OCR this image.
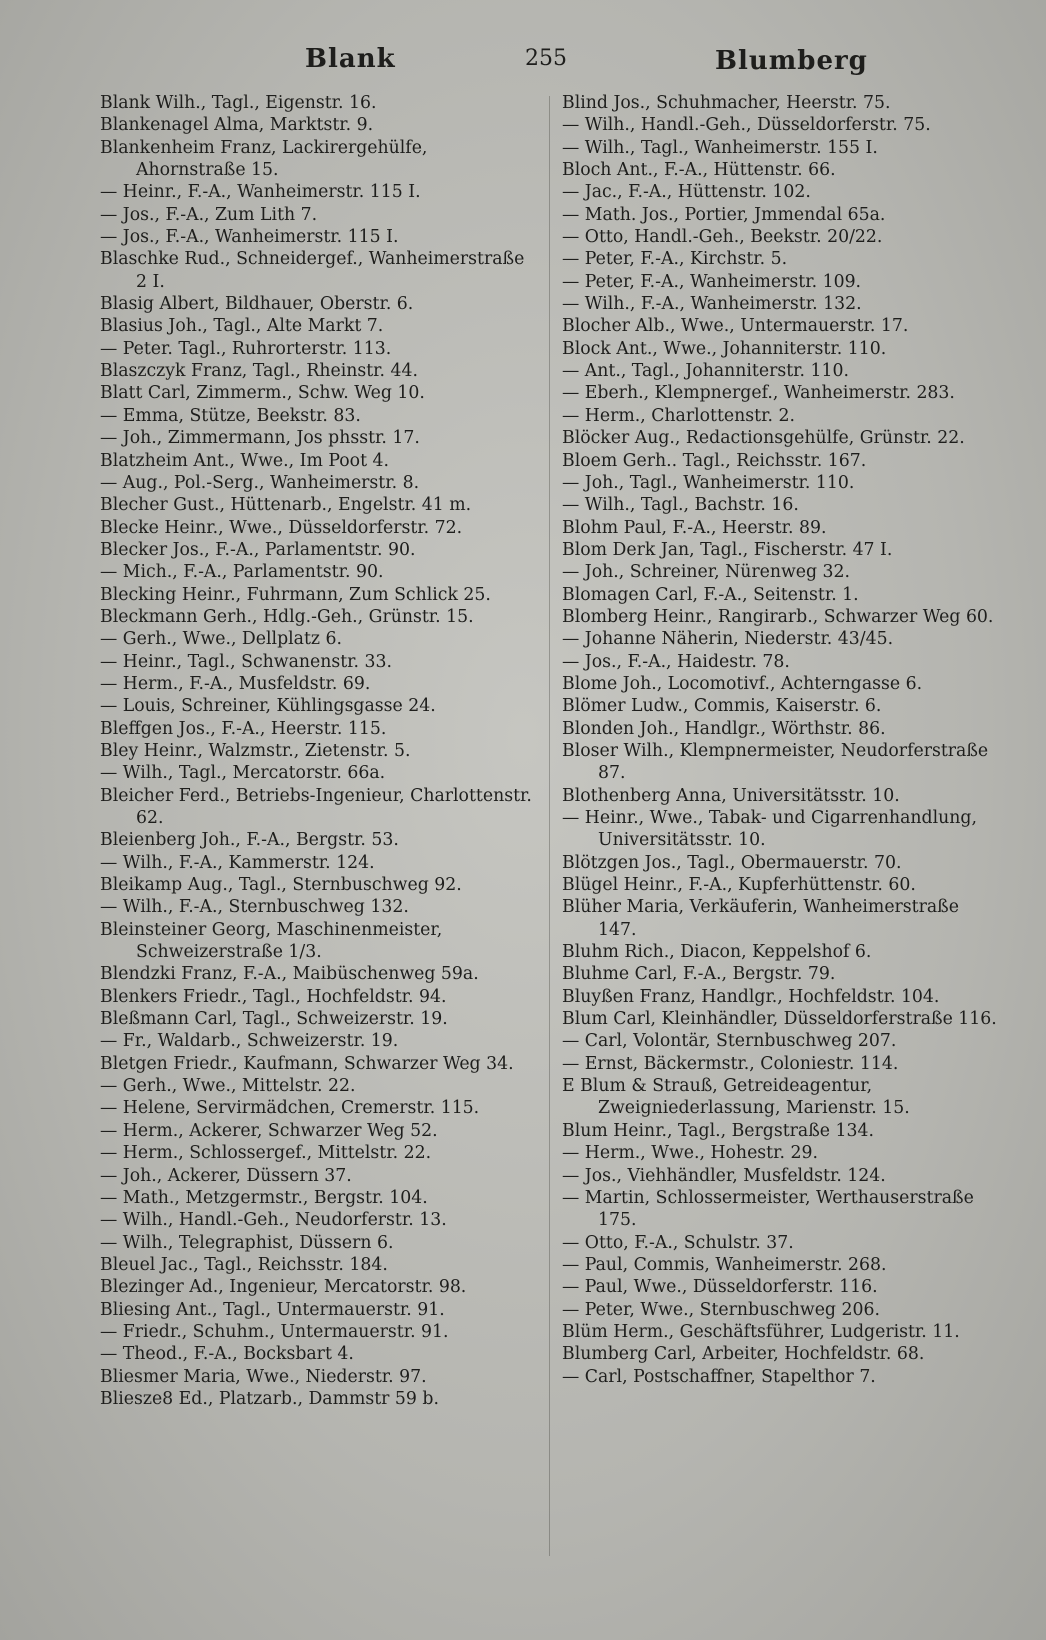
Blank	255	Blumberg

Blank Wilh., Tagl., Eigenstr. 16.

Blankenagel Alma, Marktstr. 9.

Blankenheim Franz, Lackirergehülfe, Ahornstraße 15.

— Heinr., F.-A., Wanheimerstr. 115 I.

— Jos., F.-A., Zum Lith 7.

— Jos., F.-A., Wanheimerstr. 115 I.

Blaschke Rud., Schneidergef., Wanheimerstraße 2 I.

Blasig Albert, Bildhauer, Oberstr. 6.

Blasius Joh., Tagl., Alte Markt 7.

— Peter. Tagl., Ruhrorterstr. 113.

Blaszczyk Franz, Tagl., Rheinstr. 44.

Blatt Carl, Zimmerm., Schw. Weg 10.

— Emma, Stütze, Beekstr. 83.

— Joh., Zimmermann, Jos phsstr. 17.

Blatzheim Ant., Wwe., Im Poot 4.

— Aug., Pol.-Serg., Wanheimerstr. 8.

Blecher Gust., Hüttenarb., Engelstr. 41 m.

Blecke Heinr., Wwe., Düsseldorferstr. 72.

Blecker Jos., F.-A., Parlamentstr. 90.

— Mich., F.-A., Parlamentstr. 90.

Blecking Heinr., Fuhrmann, Zum Schlick 25.

Bleckmann Gerh., Hdlg.-Geh., Grünstr. 15.

— Gerh., Wwe., Dellplatz 6.

— Heinr., Tagl., Schwanenstr. 33.

— Herm., F.-A., Musfeldstr. 69.

— Louis, Schreiner, Kühlingsgasse 24.

Bleffgen Jos., F.-A., Heerstr. 115.

Bley Heinr., Walzmstr., Zietenstr. 5.

— Wilh., Tagl., Mercatorstr. 66a.

Bleicher Ferd., Betriebs-Ingenieur, Charlottenstr. 62.

Bleienberg Joh., F.-A., Bergstr. 53.

— Wilh., F.-A., Kammerstr. 124.

Bleikamp Aug., Tagl., Sternbuschweg 92.

— Wilh., F.-A., Sternbuschweg 132.

Bleinsteiner Georg, Maschinenmeister, Schweizerstraße 1/3.

Blendzki Franz, F.-A., Maibüschenweg 59a.

Blenkers Friedr., Tagl., Hochfeldstr. 94.

Bleßmann Carl, Tagl., Schweizerstr. 19.

— Fr., Waldarb., Schweizerstr. 19.

Bletgen Friedr., Kaufmann, Schwarzer Weg 34.

— Gerh., Wwe., Mittelstr. 22.

— Helene, Servirmädchen, Cremerstr. 115.

— Herm., Ackerer, Schwarzer Weg 52.

— Herm., Schlossergef., Mittelstr. 22.

— Joh., Ackerer, Düssern 37.

— Math., Metzgermstr., Bergstr. 104.

— Wilh., Handl.-Geh., Neudorferstr. 13.

— Wilh., Telegraphist, Düssern 6.

Bleuel Jac., Tagl., Reichsstr. 184.

Blezinger Ad., Ingenieur, Mercatorstr. 98.

Bliesing Ant., Tagl., Untermauerstr. 91.

— Friedr., Schuhm., Untermauerstr. 91.

— Theod., F.-A., Bocksbart 4.

Bliesmer Maria, Wwe., Niederstr. 97.

Bliesze8 Ed., Platzarb., Dammstr 59 b.

Blind Jos., Schuhmacher, Heerstr. 75.

— Wilh., Handl.-Geh., Düsseldorferstr. 75.

— Wilh., Tagl., Wanheimerstr. 155 I.

Bloch Ant., F.-A., Hüttenstr. 66.

— Jac., F.-A., Hüttenstr. 102.

— Math. Jos., Portier, Jmmendal 65a.

— Otto, Handl.-Geh., Beekstr. 20/22.

— Peter, F.-A., Kirchstr. 5.

— Peter, F.-A., Wanheimerstr. 109.

— Wilh., F.-A., Wanheimerstr. 132.

Blocher Alb., Wwe., Untermauerstr. 17.

Block Ant., Wwe., Johanniterstr. 110.

— Ant., Tagl., Johanniterstr. 110.

— Eberh., Klempnergef., Wanheimerstr. 283.

— Herm., Charlottenstr. 2.

Blöcker Aug., Redactionsgehülfe, Grünstr. 22.

Bloem Gerh.. Tagl., Reichsstr. 167.

— Joh., Tagl., Wanheimerstr. 110.

— Wilh., Tagl., Bachstr. 16.

Blohm Paul, F.-A., Heerstr. 89.

Blom Derk Jan, Tagl., Fischerstr. 47 I.

— Joh., Schreiner, Nürenweg 32.

Blomagen Carl, F.-A., Seitenstr. 1.

Blomberg Heinr., Rangirarb., Schwarzer Weg 60.

— Johanne Näherin, Niederstr. 43/45.

— Jos., F.-A., Haidestr. 78.

Blome Joh., Locomotivf., Achterngasse 6.

Blömer Ludw., Commis, Kaiserstr. 6.

Blonden Joh., Handlgr., Wörthstr. 86.

Bloser Wilh., Klempnermeister, Neudorferstraße 87.

Blothenberg Anna, Universitätsstr. 10.

— Heinr., Wwe., Tabak- und Cigarrenhandlung, Universitätsstr. 10.

Blötzgen Jos., Tagl., Obermauerstr. 70.

Blügel Heinr., F.-A., Kupferhüttenstr. 60.

Blüher Maria, Verkäuferin, Wanheimerstraße 147.

Bluhm Rich., Diacon, Keppelshof 6.

Bluhme Carl, F.-A., Bergstr. 79.

Bluyßen Franz, Handlgr., Hochfeldstr. 104.

Blum Carl, Kleinhändler, Düsseldorferstraße 116.

— Carl, Volontär, Sternbuschweg 207.

— Ernst, Bäckermstr., Coloniestr. 114.

E Blum & Strauß, Getreideagentur, Zweigniederlassung, Marienstr. 15.

Blum Heinr., Tagl., Bergstraße 134.

— Herm., Wwe., Hohestr. 29.

— Jos., Viehhändler, Musfeldstr. 124.

— Martin, Schlossermeister, Werthauserstraße 175.

— Otto, F.-A., Schulstr. 37.

— Paul, Commis, Wanheimerstr. 268.

— Paul, Wwe., Düsseldorferstr. 116.

— Peter, Wwe., Sternbuschweg 206.

Blüm Herm., Geschäftsführer, Ludgeristr. 11.

Blumberg Carl, Arbeiter, Hochfeldstr. 68.

— Carl, Postschaffner, Stapelthor 7.
